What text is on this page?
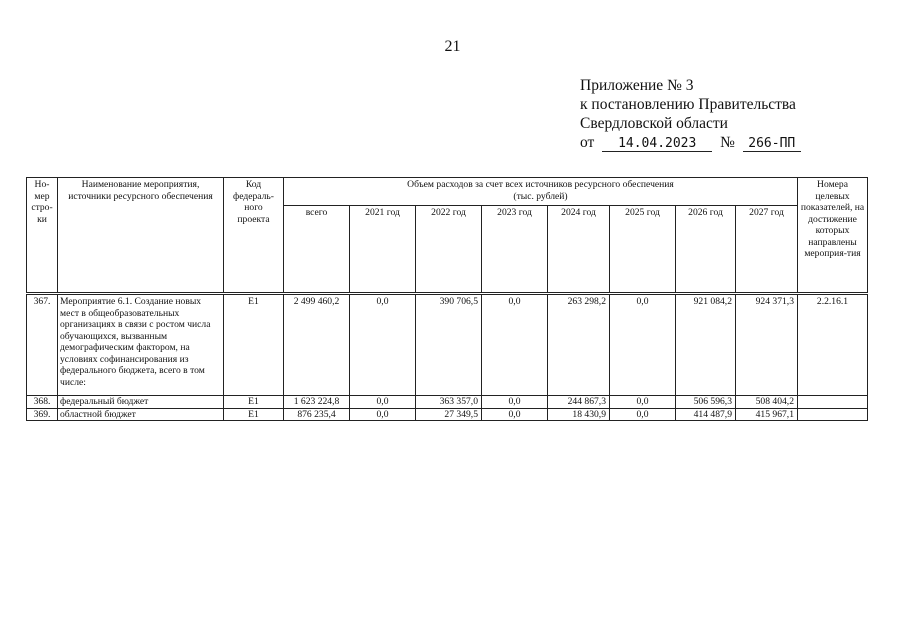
21
Приложение № 3
к постановлению Правительства
Свердловской области
от 14.04.2023 № 266-ПП
Но-
мер
стро-
ки	Наименование мероприятия, источники ресурсного обеспечения	Код
федераль-
ного
проекта	Объем расходов за счет всех источников ресурсного обеспечения
(тыс. рублей)								Номера целевых показателей, на достижение которых направлены мероприя-тия
			всего	2021 год	2022 год	2023 год	2024 год	2025 год	2026 год	2027 год	
367.	Мероприятие 6.1. Создание новых мест в общеобразовательных организациях в связи с ростом числа обучающихся, вызванным демографическим фактором, на условиях софинансирования из федерального бюджета, всего в том числе:	Е1	2 499 460,2	0,0	390 706,5	0,0	263 298,2	0,0	921 084,2	924 371,3	2.2.16.1
368.	федеральный бюджет	Е1	1 623 224,8	0,0	363 357,0	0,0	244 867,3	0,0	506 596,3	508 404,2	
369.	областной бюджет	Е1	876 235,4	0,0	27 349,5	0,0	18 430,9	0,0	414 487,9	415 967,1	
